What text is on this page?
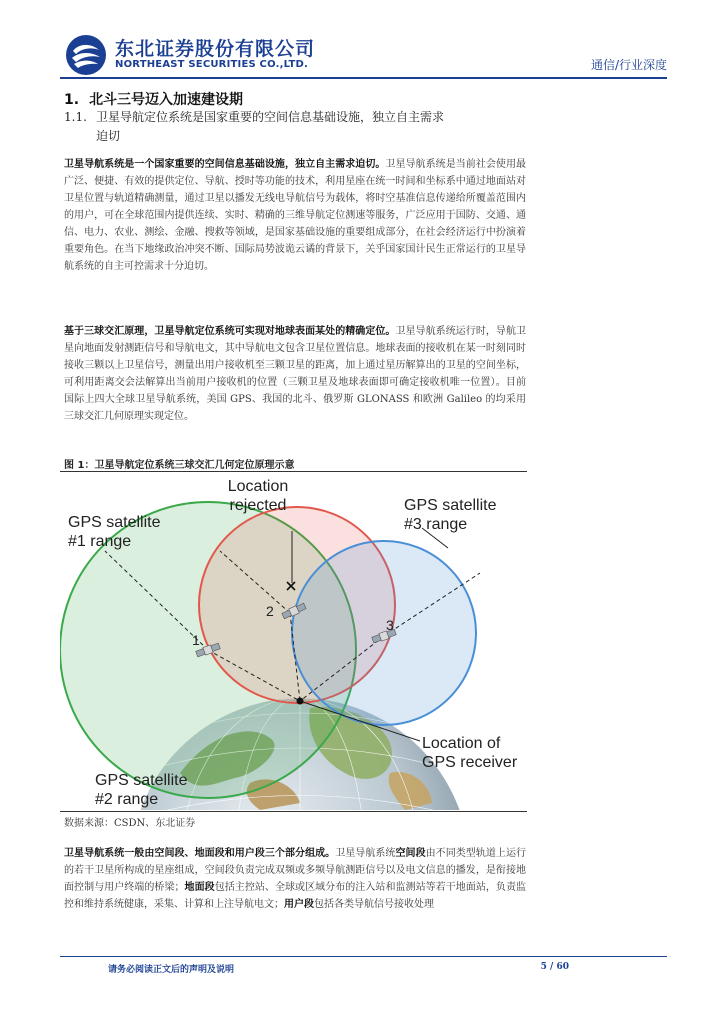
东北证券股份有限公司
NORTHEAST SECURITIES CO.,LTD.	通信/行业深度
1. 北斗三号迈入加速建设期
1.1. 卫星导航定位系统是国家重要的空间信息基础设施，独立自主需求
迫切
卫星导航系统是一个国家重要的空间信息基础设施，独立自主需求迫切。卫星导航系统是当前社会使用最广泛、便捷、有效的提供定位、导航、授时等功能的技术，利用星座在统一时间和坐标系中通过地面站对卫星位置与轨道精确测量，通过卫星以播发无线电导航信号为载体，将时空基准信息传递给所覆盖范围内的用户，可在全球范围内提供连续、实时、精确的三维导航定位测速等服务，广泛应用于国防、交通、通信、电力、农业、测绘、金融、搜救等领域，是国家基础设施的重要组成部分，在社会经济运行中扮演着重要角色。在当下地缘政治冲突不断、国际局势波诡云谲的背景下，关乎国家国计民生正常运行的卫星导航系统的自主可控需求十分迫切。
基于三球交汇原理，卫星导航定位系统可实现对地球表面某处的精确定位。卫星导航系统运行时，导航卫星向地面发射测距信号和导航电文，其中导航电文包含卫星位置信息。地球表面的接收机在某一时刻同时接收三颗以上卫星信号，测量出用户接收机至三颗卫星的距离，加上通过星历解算出的卫星的空间坐标，可利用距离交会法解算出当前用户接收机的位置（三颗卫星及地球表面即可确定接收机唯一位置）。目前国际上四大全球卫星导航系统，美国 GPS、我国的北斗、俄罗斯 GLONASS 和欧洲 Galileo 的均采用三球交汇几何原理实现定位。
图 1：卫星导航定位系统三球交汇几何定位原理示意
GPS satellite
#1 range
Location
rejected	GPS satellite
#3 range
GPS satellite
#2 range
Location of
GPS receiver
1
2
3
数据来源：CSDN、东北证券
卫星导航系统一般由空间段、地面段和用户段三个部分组成。卫星导航系统空间段由不同类型轨道上运行的若干卫星所构成的星座组成，空间段负责完成双频或多频导航测距信号以及电文信息的播发，是衔接地面控制与用户终端的桥梁；地面段包括主控站、全球或区域分布的注入站和监测站等若干地面站，负责监控和维持系统健康，采集、计算和上注导航电文；用户段包括各类导航信号接收处理
请务必阅读正文后的声明及说明	5 / 60
